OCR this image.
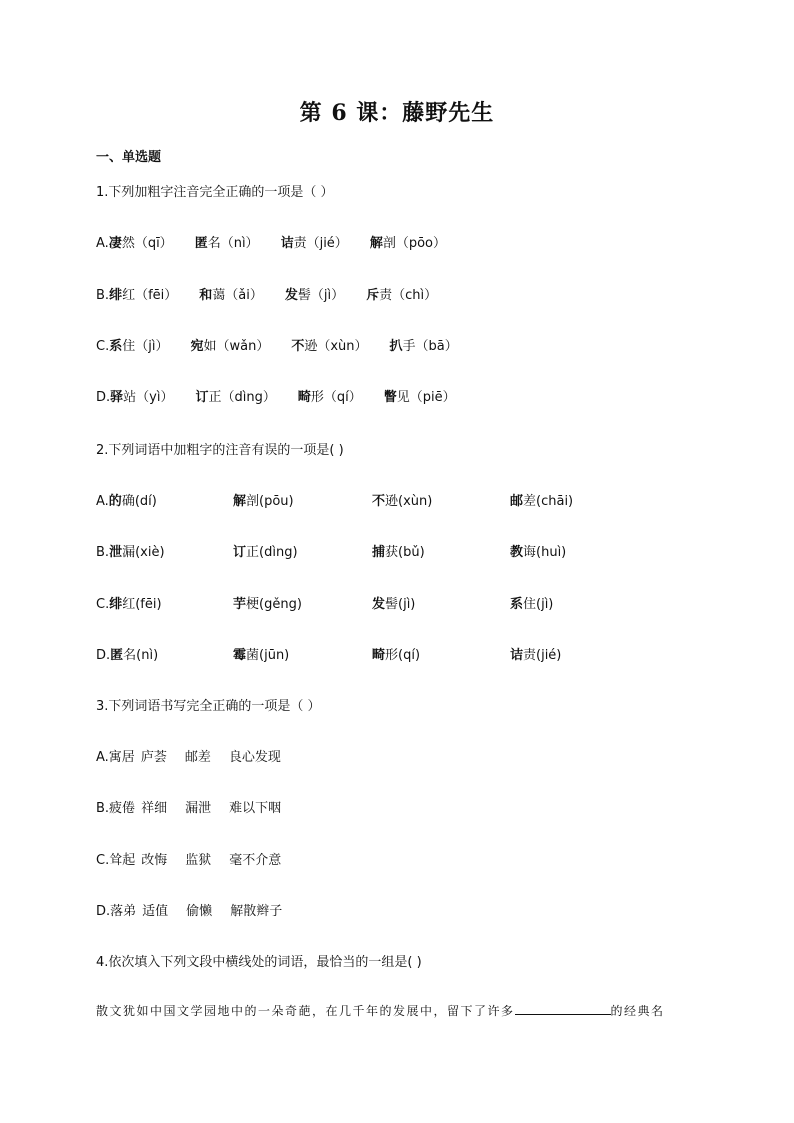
第 6 课：藤野先生
一、单选题
1.下列加粗字注音完全正确的一项是（ ）
A.凄然（qī） 匿名（nì） 诘责（jié） 解剖（pōo）
B.绯红（fēi） 和蔼（ǎi） 发髻（jì） 斥责（chì）
C.系住（jì） 宛如（wǎn） 不逊（xùn） 扒手（bā）
D.驿站（yì） 订正（dìng） 畸形（qí） 瞥见（piē）
2.下列词语中加粗字的注音有误的一项是( )
A.的确(dí)	解剖(pōu)	不逊(xùn)	邮差(chāi)
B.泄漏(xiè)	订正(dìng)	捕获(bǔ)	教诲(huì)
C.绯红(fēi)	芋梗(gěng)	发髻(jì)	系住(jì)
D.匿名(nì)	霉菌(jūn)	畸形(qí)	诘责(jié)
3.下列词语书写完全正确的一项是（ ）
A.寓居 庐荟 邮差 良心发现
B.疲倦 祥细 漏泄 难以下咽
C.耸起 改悔 监狱 毫不介意
D.落弟 适值 偷懒 解散辫子
4.依次填入下列文段中横线处的词语，最恰当的一组是( )
散文犹如中国文学园地中的一朵奇葩，在几千年的发展中，留下了许多	的经典名
